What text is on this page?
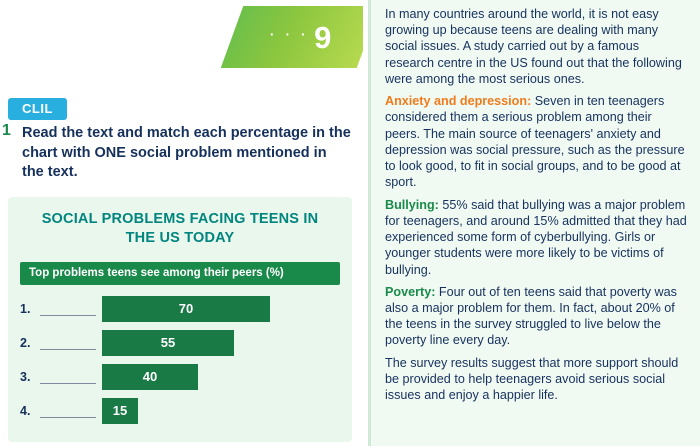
· · · 9
CLIL
1 Read the text and match each percentage in the chart with ONE social problem mentioned in the text.
SOCIAL PROBLEMS FACING TEENS IN THE US TODAY
Top problems teens see among their peers (%)
1.	70
2.	55
3.	40
4.	15
In many countries around the world, it is not easy growing up because teens are dealing with many social issues. A study carried out by a famous research centre in the US found out that the following were among the most serious ones.
Anxiety and depression: Seven in ten teenagers considered them a serious problem among their peers. The main source of teenagers' anxiety and depression was social pressure, such as the pressure to look good, to fit in social groups, and to be good at sport.
Bullying: 55% said that bullying was a major problem for teenagers, and around 15% admitted that they had experienced some form of cyberbullying. Girls or younger students were more likely to be victims of bullying.
Poverty: Four out of ten teens said that poverty was also a major problem for them. In fact, about 20% of the teens in the survey struggled to live below the poverty line every day.
The survey results suggest that more support should be provided to help teenagers avoid serious social issues and enjoy a happier life.
